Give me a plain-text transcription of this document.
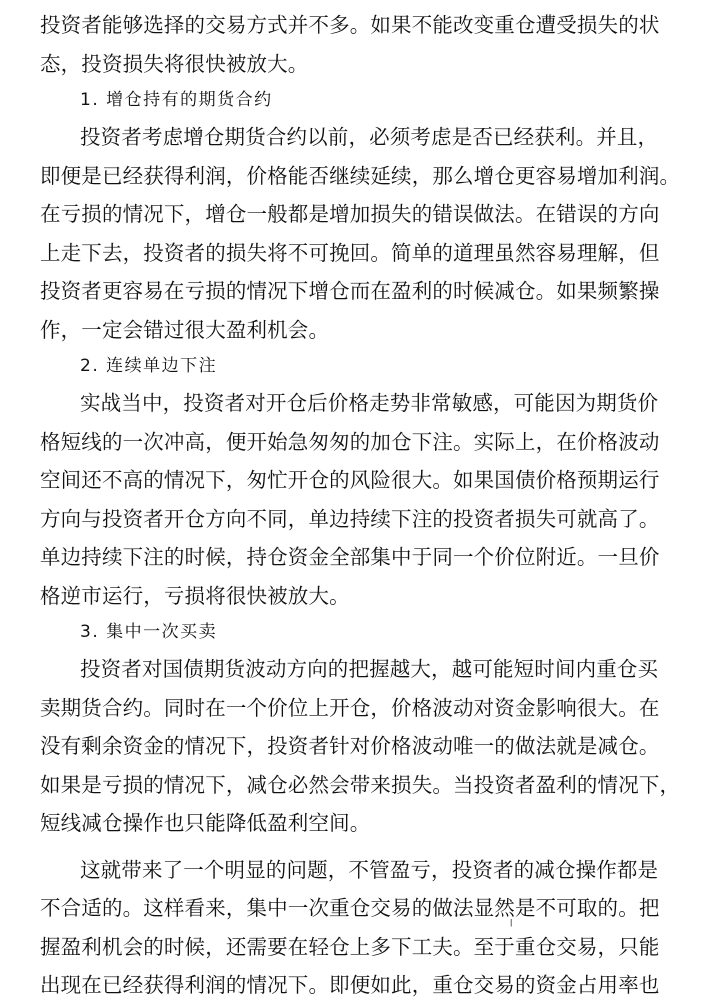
投资者能够选择的交易方式并不多。如果不能改变重仓遭受损失的状
态，投资损失将很快被放大。
1. 增仓持有的期货合约
投资者考虑增仓期货合约以前，必须考虑是否已经获利。并且，
即便是已经获得利润，价格能否继续延续，那么增仓更容易增加利润。
在亏损的情况下，增仓一般都是增加损失的错误做法。在错误的方向
上走下去，投资者的损失将不可挽回。简单的道理虽然容易理解，但
投资者更容易在亏损的情况下增仓而在盈利的时候减仓。如果频繁操
作，一定会错过很大盈利机会。
2. 连续单边下注
实战当中，投资者对开仓后价格走势非常敏感，可能因为期货价
格短线的一次冲高，便开始急匆匆的加仓下注。实际上，在价格波动
空间还不高的情况下，匆忙开仓的风险很大。如果国债价格预期运行
方向与投资者开仓方向不同，单边持续下注的投资者损失可就高了。
单边持续下注的时候，持仓资金全部集中于同一个价位附近。一旦价
格逆市运行，亏损将很快被放大。
3. 集中一次买卖
投资者对国债期货波动方向的把握越大，越可能短时间内重仓买
卖期货合约。同时在一个价位上开仓，价格波动对资金影响很大。在
没有剩余资金的情况下，投资者针对价格波动唯一的做法就是减仓。
如果是亏损的情况下，减仓必然会带来损失。当投资者盈利的情况下，
短线减仓操作也只能降低盈利空间。
这就带来了一个明显的问题，不管盈亏，投资者的减仓操作都是
不合适的。这样看来，集中一次重仓交易的做法显然是不可取的。把
握盈利机会的时候，还需要在轻仓上多下工夫。至于重仓交易，只能
出现在已经获得利润的情况下。即便如此，重仓交易的资金占用率也
ǀ
